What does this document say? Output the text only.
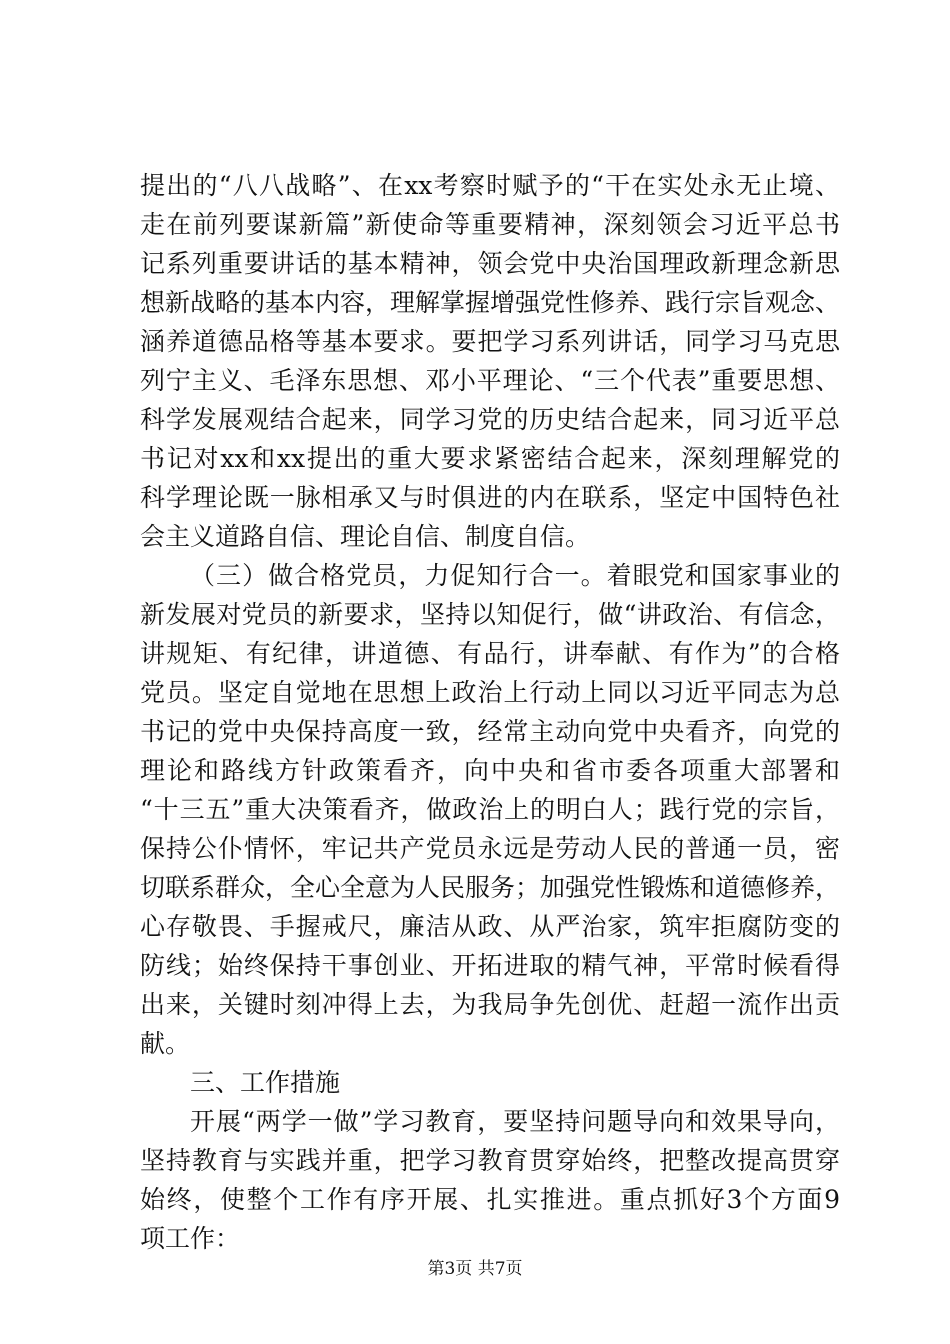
提出的“八八战略”、在xx考察时赋予的“干在实处永无止境、
走在前列要谋新篇”新使命等重要精神，深刻领会习近平总书
记系列重要讲话的基本精神，领会党中央治国理政新理念新思
想新战略的基本内容，理解掌握增强党性修养、践行宗旨观念、
涵养道德品格等基本要求。要把学习系列讲话，同学习马克思
列宁主义、毛泽东思想、邓小平理论、“三个代表”重要思想、
科学发展观结合起来，同学习党的历史结合起来，同习近平总
书记对xx和xx提出的重大要求紧密结合起来，深刻理解党的
科学理论既一脉相承又与时俱进的内在联系，坚定中国特色社
会主义道路自信、理论自信、制度自信。
（三）做合格党员，力促知行合一。着眼党和国家事业的
新发展对党员的新要求，坚持以知促行，做“讲政治、有信念，
讲规矩、有纪律，讲道德、有品行，讲奉献、有作为”的合格
党员。坚定自觉地在思想上政治上行动上同以习近平同志为总
书记的党中央保持高度一致，经常主动向党中央看齐，向党的
理论和路线方针政策看齐，向中央和省市委各项重大部署和
“十三五”重大决策看齐，做政治上的明白人；践行党的宗旨，
保持公仆情怀，牢记共产党员永远是劳动人民的普通一员，密
切联系群众，全心全意为人民服务；加强党性锻炼和道德修养，
心存敬畏、手握戒尺，廉洁从政、从严治家，筑牢拒腐防变的
防线；始终保持干事创业、开拓进取的精气神，平常时候看得
出来，关键时刻冲得上去，为我局争先创优、赶超一流作出贡
献。
三、工作措施
开展“两学一做”学习教育，要坚持问题导向和效果导向，
坚持教育与实践并重，把学习教育贯穿始终，把整改提高贯穿
始终，使整个工作有序开展、扎实推进。重点抓好3个方面9
项工作：
第3页 共7页
